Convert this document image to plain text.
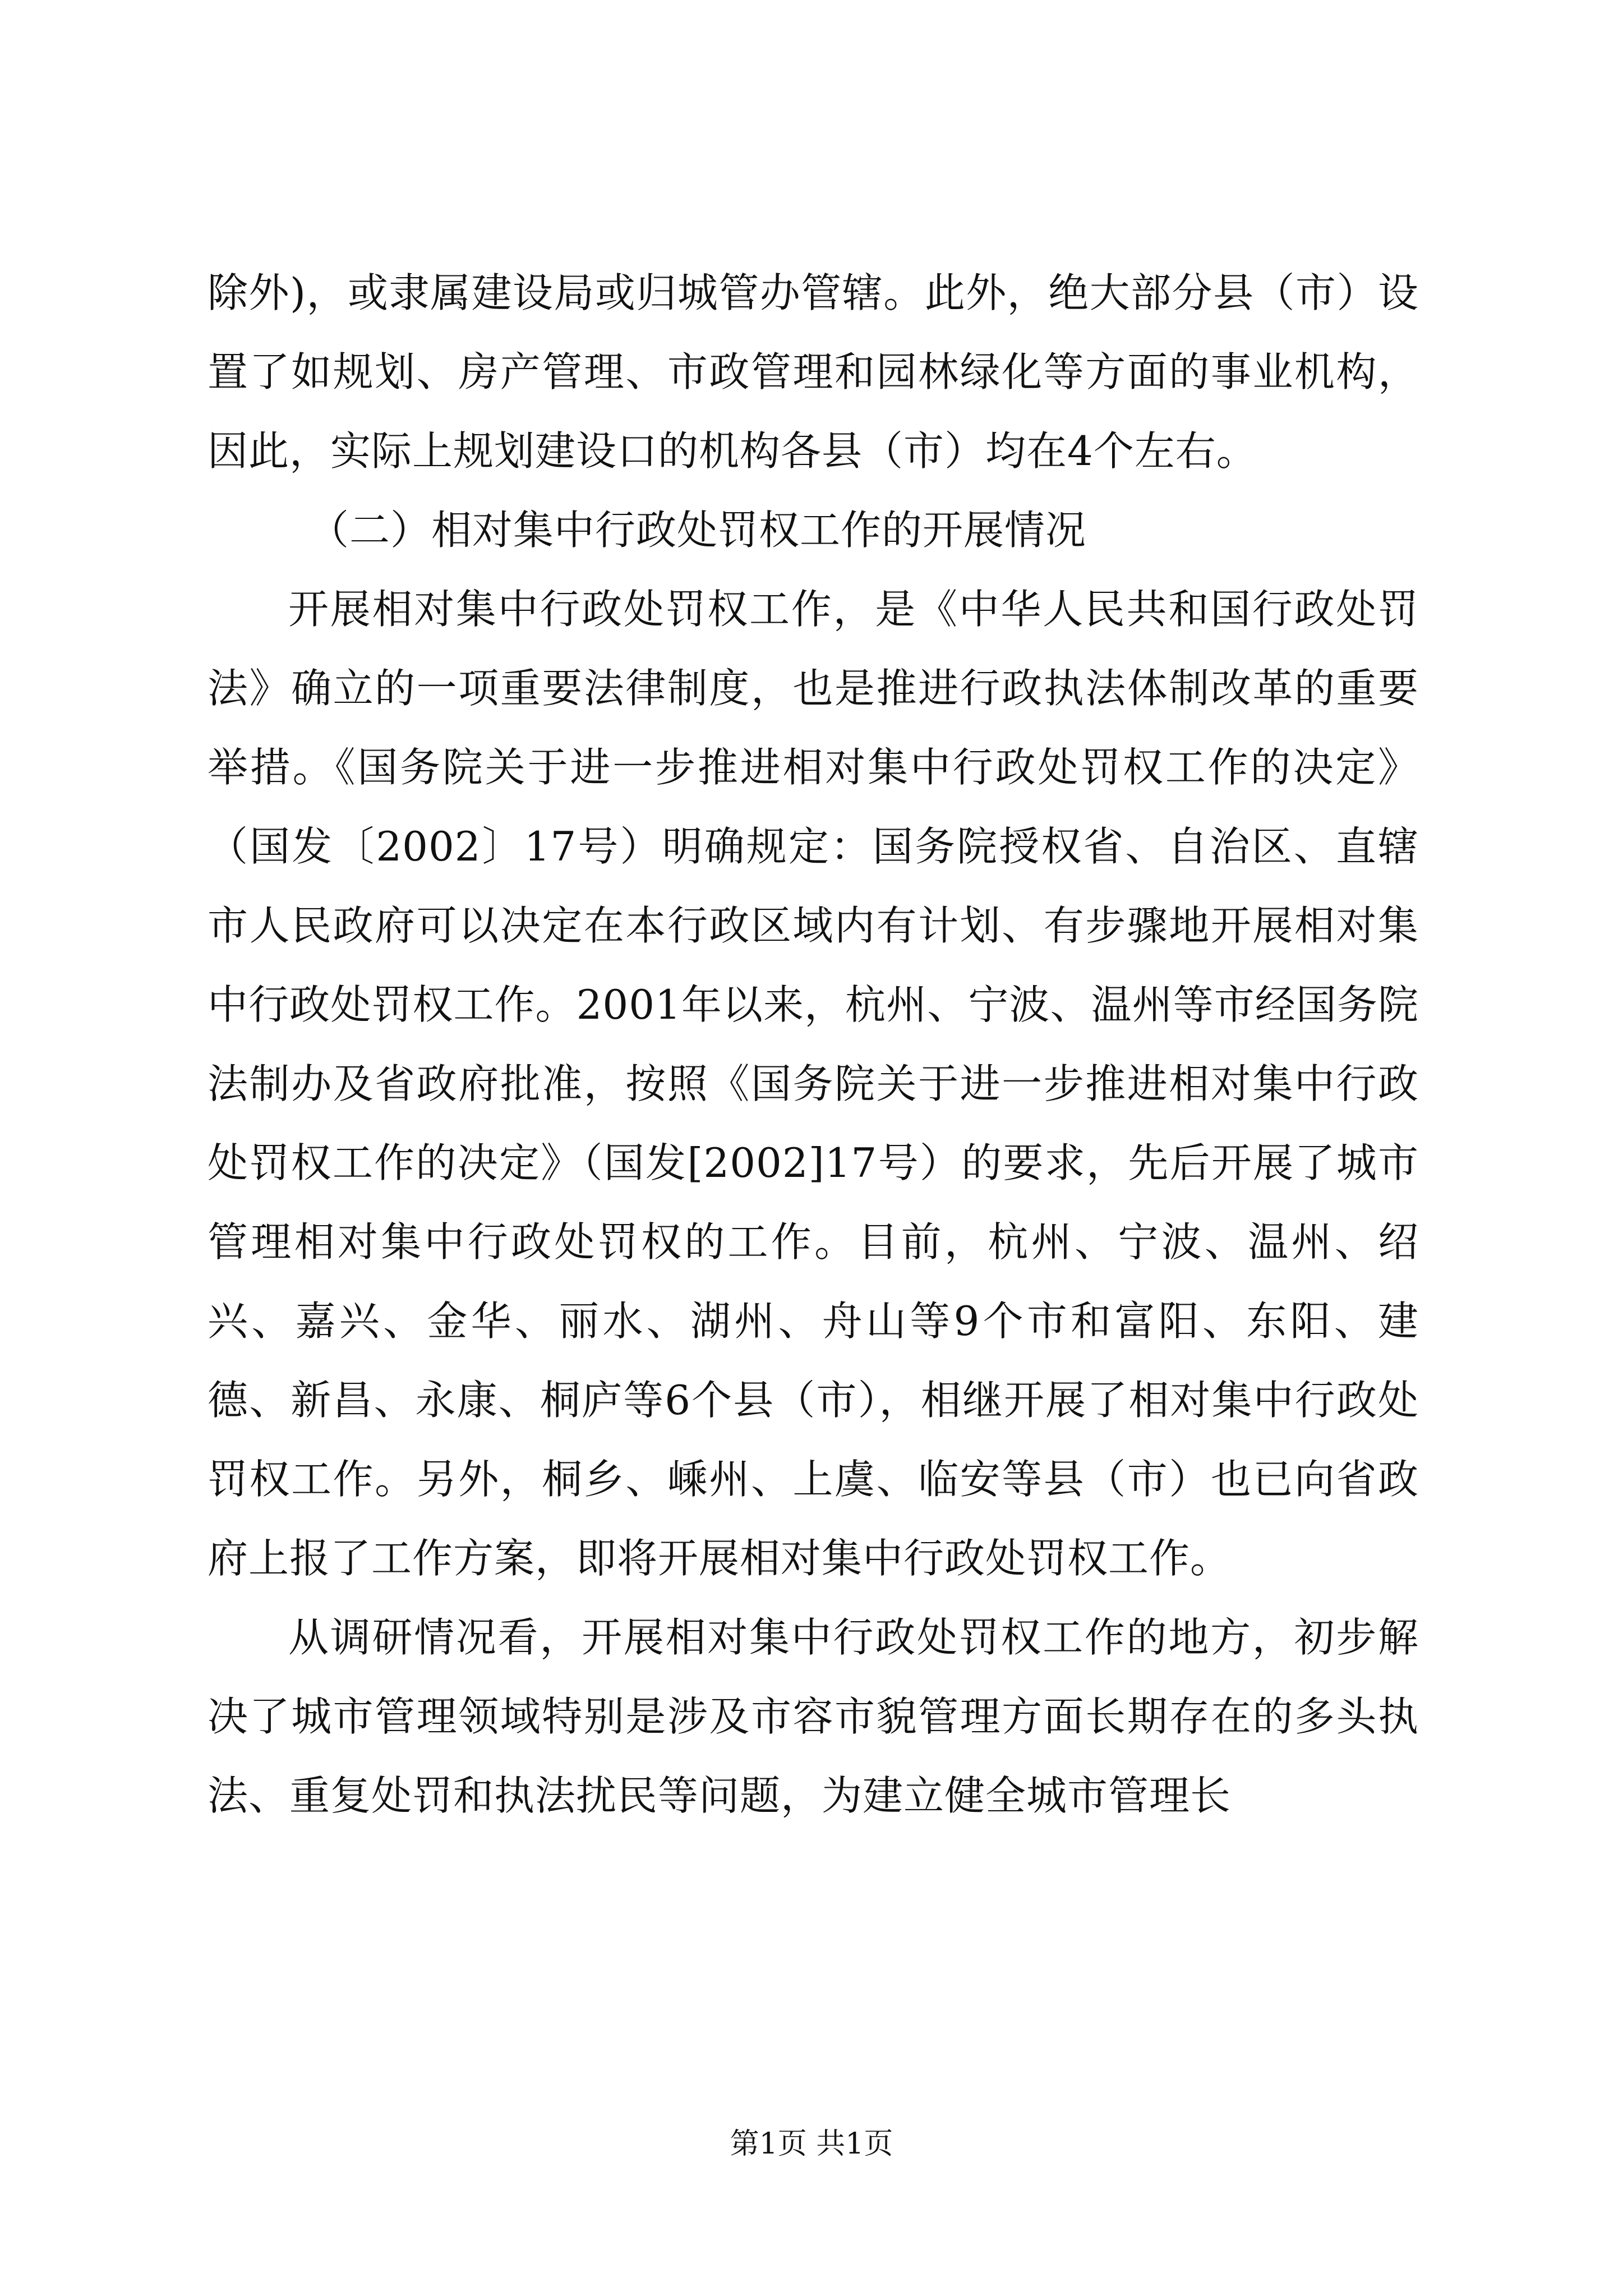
除外)，或隶属建设局或归城管办管辖。此外，绝大部分县（市）设置了如规划、房产管理、市政管理和园林绿化等方面的事业机构，因此，实际上规划建设口的机构各县（市）均在4个左右。

（二）相对集中行政处罚权工作的开展情况

开展相对集中行政处罚权工作，是《中华人民共和国行政处罚法》确立的一项重要法律制度，也是推进行政执法体制改革的重要举措。《国务院关于进一步推进相对集中行政处罚权工作的决定》（国发〔2002〕17号）明确规定：国务院授权省、自治区、直辖市人民政府可以决定在本行政区域内有计划、有步骤地开展相对集中行政处罚权工作。2001年以来，杭州、宁波、温州等市经国务院法制办及省政府批准，按照《国务院关于进一步推进相对集中行政处罚权工作的决定》（国发[2002]17号）的要求，先后开展了城市管理相对集中行政处罚权的工作。目前，杭州、宁波、温州、绍兴、嘉兴、金华、丽水、湖州、舟山等9个市和富阳、东阳、建德、新昌、永康、桐庐等6个县（市），相继开展了相对集中行政处罚权工作。另外，桐乡、嵊州、上虞、临安等县（市）也已向省政府上报了工作方案，即将开展相对集中行政处罚权工作。

从调研情况看，开展相对集中行政处罚权工作的地方，初步解决了城市管理领域特别是涉及市容市貌管理方面长期存在的多头执法、重复处罚和执法扰民等问题，为建立健全城市管理长

第1页 共1页
